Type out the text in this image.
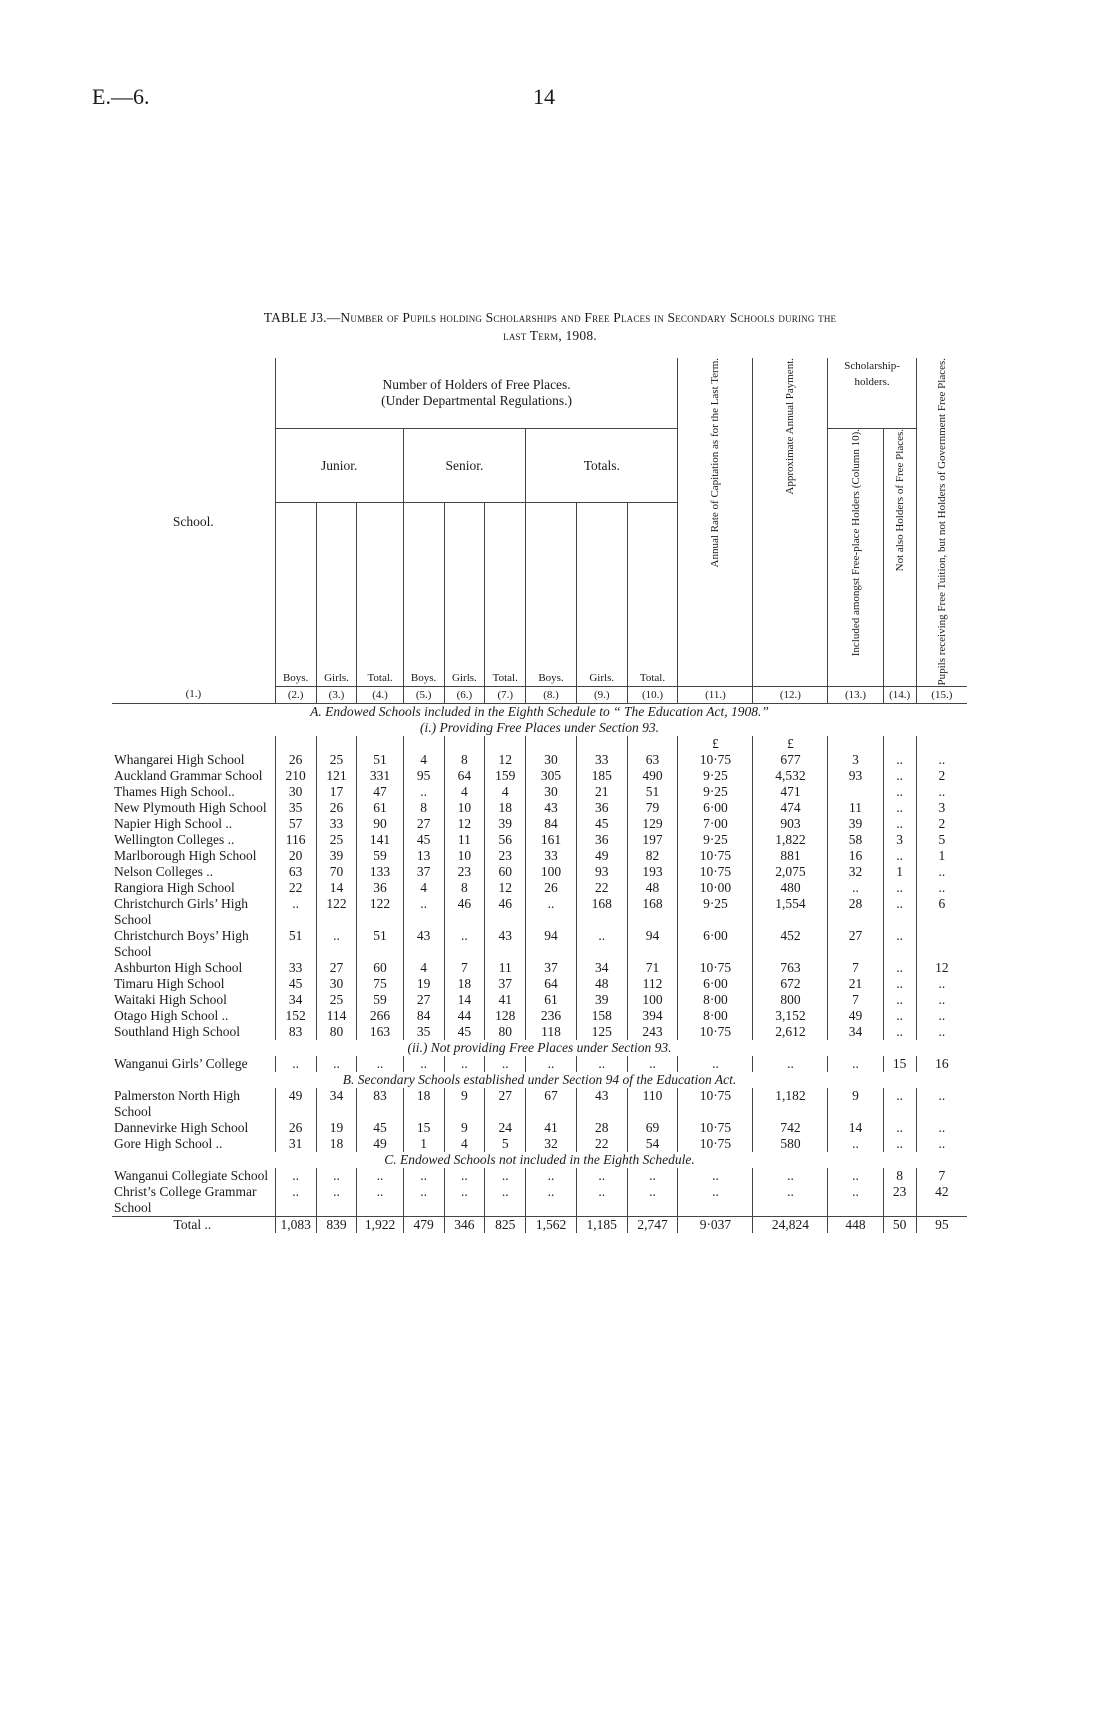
E.—6.	14
TABLE J3.—Number of Pupils holding Scholarships and Free Places in Secondary Schools during the
last Term, 1908.
School.	Number of Holders of Free Places.
(Under Departmental Regulations.)									Annual Rate of Capitation as for the Last Term.	Approximate Annual Payment.	Scholarship-holders.		Pupils receiving Free Tuition, but not Holders of Government Free Places.

	Junior.			Senior.			Totals.					Included amongst Free-place Holders (Column 10).	Not also Holders of Free Places.	

	Boys.	Girls.	Total.	Boys.	Girls.	Total.	Boys.	Girls.	Total.					
(1.)	(2.)	(3.)	(4.)	(5.)	(6.)	(7.)	(8.)	(9.)	(10.)	(11.)	(12.)	(13.)	(14.)	(15.)
A. Endowed Schools included in the Eighth Schedule to “ The Education Act, 1908.”														
(i.) Providing Free Places under Section 93.														
										£	£			
Whangarei High School	26	25	51	4	8	12	30	33	63	10·75	677	3	..	..
Auckland Grammar School	210	121	331	95	64	159	305	185	490	9·25	4,532	93	..	2
Thames High School..	30	17	47	..	4	4	30	21	51	9·25	471		..	..
New Plymouth High School	35	26	61	8	10	18	43	36	79	6·00	474	11	..	3
Napier High School ..	57	33	90	27	12	39	84	45	129	7·00	903	39	..	2
Wellington Colleges ..	116	25	141	45	11	56	161	36	197	9·25	1,822	58	3	5
Marlborough High School	20	39	59	13	10	23	33	49	82	10·75	881	16	..	1
Nelson Colleges ..	63	70	133	37	23	60	100	93	193	10·75	2,075	32	1	..
Rangiora High School	22	14	36	4	8	12	26	22	48	10·00	480	..	..	..
Christchurch Girls’ High School	..	122	122	..	46	46	..	168	168	9·25	1,554	28	..	6
Christchurch Boys’ High School	51	..	51	43	..	43	94	..	94	6·00	452	27	..	
Ashburton High School	33	27	60	4	7	11	37	34	71	10·75	763	7	..	12
Timaru High School	45	30	75	19	18	37	64	48	112	6·00	672	21	..	..
Waitaki High School	34	25	59	27	14	41	61	39	100	8·00	800	7	..	..
Otago High School ..	152	114	266	84	44	128	236	158	394	8·00	3,152	49	..	..
Southland High School	83	80	163	35	45	80	118	125	243	10·75	2,612	34	..	..
(ii.) Not providing Free Places under Section 93.														
Wanganui Girls’ College	..	..	..	..	..	..	..	..	..	..	..	..	15	16
B. Secondary Schools established under Section 94 of the Education Act.														
Palmerston North High School	49	34	83	18	9	27	67	43	110	10·75	1,182	9	..	..
Dannevirke High School	26	19	45	15	9	24	41	28	69	10·75	742	14	..	..
Gore High School ..	31	18	49	1	4	5	32	22	54	10·75	580	..	..	..
C. Endowed Schools not included in the Eighth Schedule.														
Wanganui Collegiate School	..	..	..	..	..	..	..	..	..	..	..	..	8	7
Christ’s College Grammar School	..	..	..	..	..	..	..	..	..	..	..	..	23	42
Total ..	1,083	839	1,922	479	346	825	1,562	1,185	2,747	9·037	24,824	448	50	95
